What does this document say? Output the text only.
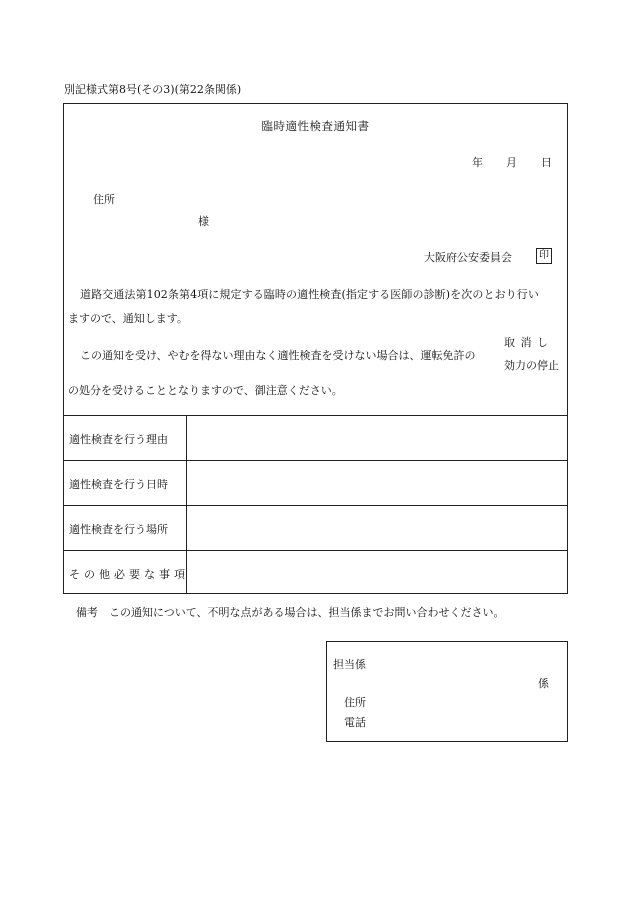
別記様式第8号(その3)(第22条関係)
臨時適性検査通知書
年 月 日
住所
様
大阪府公安委員会	印
道路交通法第102条第4項に規定する臨時の適性検査(指定する医師の診断)を次のとおり行い
ますので、通知します。
この通知を受け、やむを得ない理由なく適性検査を受けない場合は、運転免許の
取 消 し
効力の停止
の処分を受けることとなりますので、御注意ください。
適性検査を行う理由
適性検査を行う日時
適性検査を行う場所
その他必要な事項
備考　この通知について、不明な点がある場合は、担当係までお問い合わせください。
担当係
係
住所
電話
